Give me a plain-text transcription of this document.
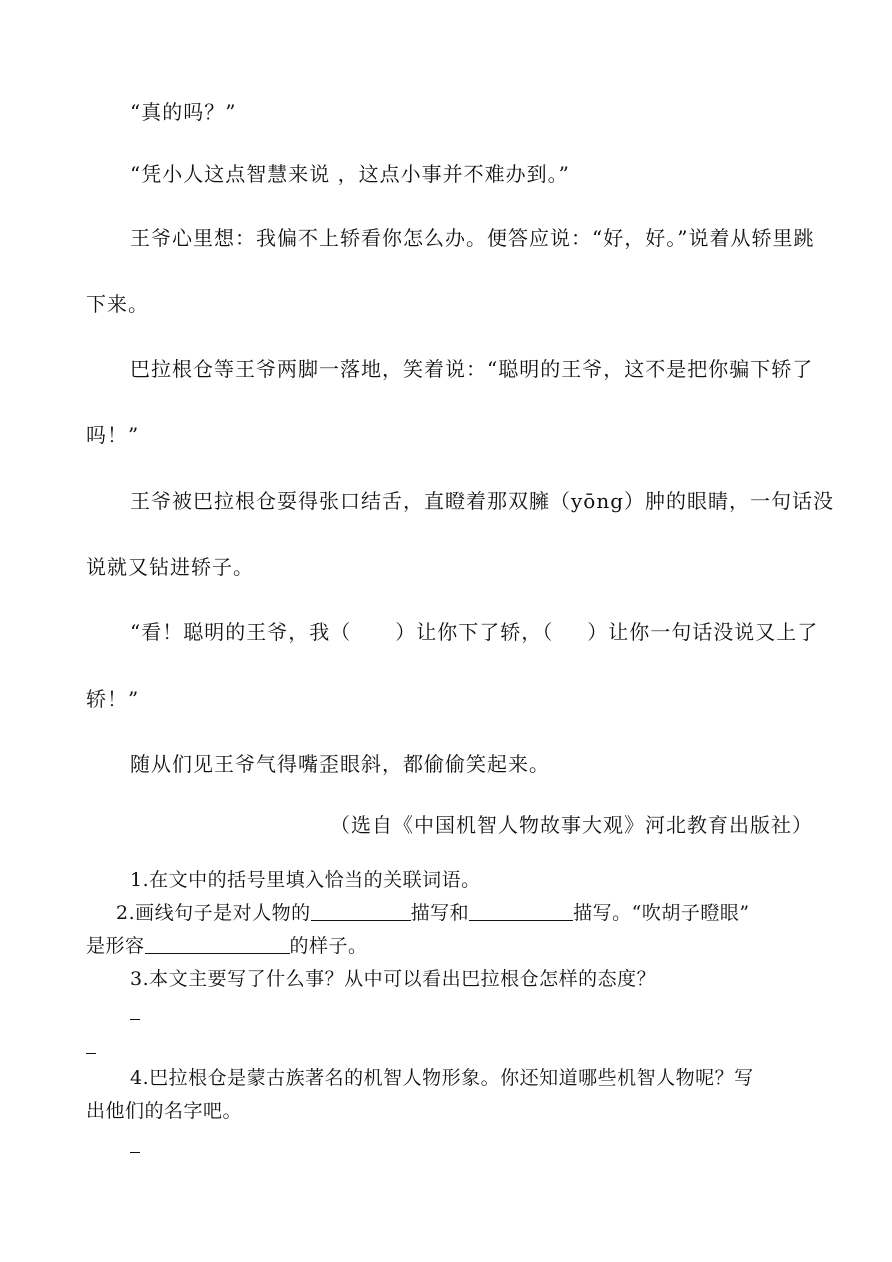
“真的吗？”
“凭小人这点智慧来说 ，这点小事并不难办到。”
王爷心里想：我偏不上轿看你怎么办。便答应说：“好，好。”说着从轿里跳
下来。
巴拉根仓等王爷两脚一落地，笑着说：“聪明的王爷，这不是把你骗下轿了
吗！”
王爷被巴拉根仓耍得张口结舌，直瞪着那双臃（yōng）肿的眼睛，一句话没
说就又钻进轿子。
“看！聪明的王爷，我（ ）让你下了轿，（ ）让你一句话没说又上了
轿！”
随从们见王爷气得嘴歪眼斜，都偷偷笑起来。
（选自《中国机智人物故事大观》河北教育出版社）
1.在文中的括号里填入恰当的关联词语。
2.画线句子是对人物的	描写和	描写。“吹胡子瞪眼”
是形容	的样子。
3.本文主要写了什么事？从中可以看出巴拉根仓怎样的态度？
4.巴拉根仓是蒙古族著名的机智人物形象。你还知道哪些机智人物呢？写
出他们的名字吧。
